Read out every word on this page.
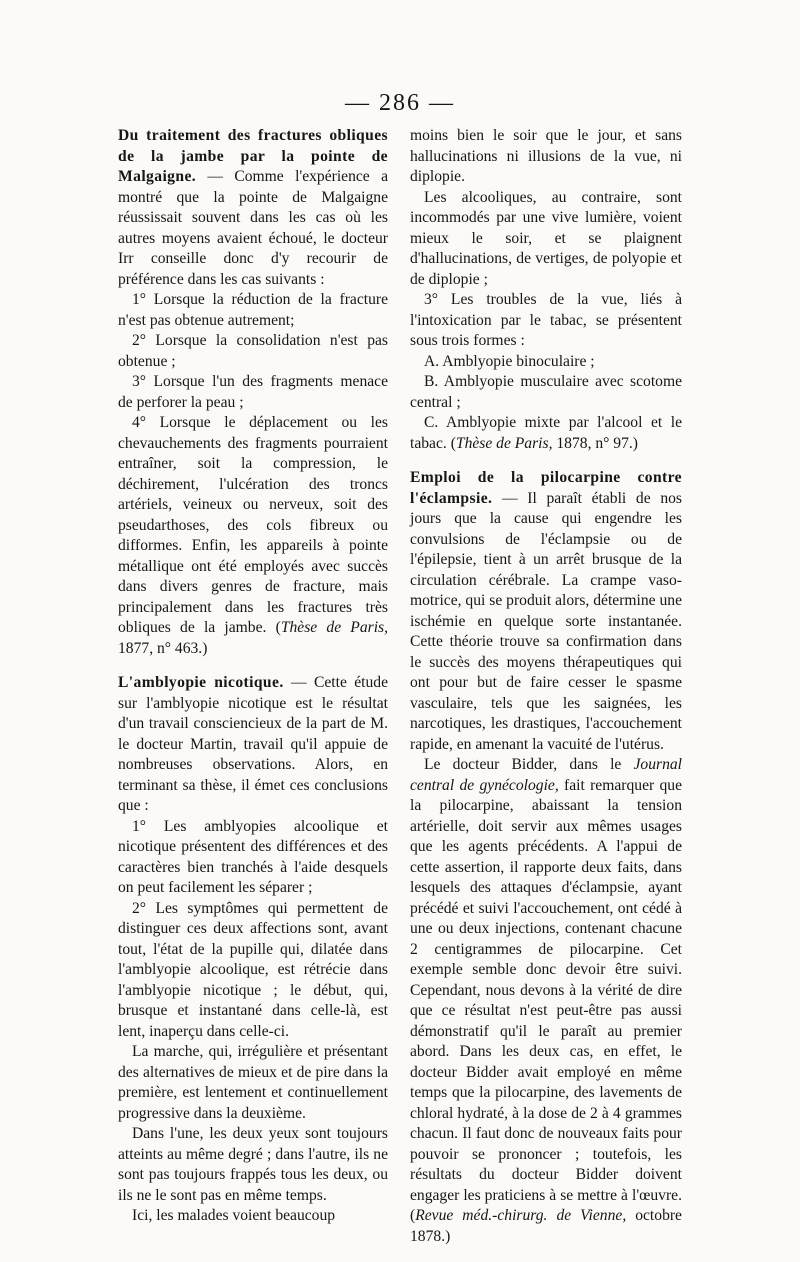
— 286 —

Du traitement des fractures obliques de la jambe par la pointe de Malgaigne. — Comme l'expérience a montré que la pointe de Malgaigne réussissait souvent dans les cas où les autres moyens avaient échoué, le docteur Irr conseille donc d'y recourir de préférence dans les cas suivants :

1° Lorsque la réduction de la fracture n'est pas obtenue autrement;

2° Lorsque la consolidation n'est pas obtenue ;

3° Lorsque l'un des fragments menace de perforer la peau ;

4° Lorsque le déplacement ou les chevauchements des fragments pourraient entraîner, soit la compression, le déchirement, l'ulcération des troncs artériels, veineux ou nerveux, soit des pseudarthoses, des cols fibreux ou difformes. Enfin, les appareils à pointe métallique ont été employés avec succès dans divers genres de fracture, mais principalement dans les fractures très obliques de la jambe. (Thèse de Paris, 1877, n° 463.)

L'amblyopie nicotique. — Cette étude sur l'amblyopie nicotique est le résultat d'un travail consciencieux de la part de M. le docteur Martin, travail qu'il appuie de nombreuses observations. Alors, en terminant sa thèse, il émet ces conclusions que :

1° Les amblyopies alcoolique et nicotique présentent des différences et des caractères bien tranchés à l'aide desquels on peut facilement les séparer ;

2° Les symptômes qui permettent de distinguer ces deux affections sont, avant tout, l'état de la pupille qui, dilatée dans l'amblyopie alcoolique, est rétrécie dans l'amblyopie nicotique ; le début, qui, brusque et instantané dans celle-là, est lent, inaperçu dans celle-ci.

La marche, qui, irrégulière et présentant des alternatives de mieux et de pire dans la première, est lentement et continuellement progressive dans la deuxième.

Dans l'une, les deux yeux sont toujours atteints au même degré ; dans l'autre, ils ne sont pas toujours frappés tous les deux, ou ils ne le sont pas en même temps.

Ici, les malades voient beaucoup

moins bien le soir que le jour, et sans hallucinations ni illusions de la vue, ni diplopie.

Les alcooliques, au contraire, sont incommodés par une vive lumière, voient mieux le soir, et se plaignent d'hallucinations, de vertiges, de polyopie et de diplopie ;

3° Les troubles de la vue, liés à l'intoxication par le tabac, se présentent sous trois formes :

A. Amblyopie binoculaire ;

B. Amblyopie musculaire avec scotome central ;

C. Amblyopie mixte par l'alcool et le tabac. (Thèse de Paris, 1878, n° 97.)

Emploi de la pilocarpine contre l'éclampsie. — Il paraît établi de nos jours que la cause qui engendre les convulsions de l'éclampsie ou de l'épilepsie, tient à un arrêt brusque de la circulation cérébrale. La crampe vaso-motrice, qui se produit alors, détermine une ischémie en quelque sorte instantanée. Cette théorie trouve sa confirmation dans le succès des moyens thérapeutiques qui ont pour but de faire cesser le spasme vasculaire, tels que les saignées, les narcotiques, les drastiques, l'accouchement rapide, en amenant la vacuité de l'utérus.

Le docteur Bidder, dans le Journal central de gynécologie, fait remarquer que la pilocarpine, abaissant la tension artérielle, doit servir aux mêmes usages que les agents précédents. A l'appui de cette assertion, il rapporte deux faits, dans lesquels des attaques d'éclampsie, ayant précédé et suivi l'accouchement, ont cédé à une ou deux injections, contenant chacune 2 centigrammes de pilocarpine. Cet exemple semble donc devoir être suivi. Cependant, nous devons à la vérité de dire que ce résultat n'est peut-être pas aussi démonstratif qu'il le paraît au premier abord. Dans les deux cas, en effet, le docteur Bidder avait employé en même temps que la pilocarpine, des lavements de chloral hydraté, à la dose de 2 à 4 grammes chacun. Il faut donc de nouveaux faits pour pouvoir se prononcer ; toutefois, les résultats du docteur Bidder doivent engager les praticiens à se mettre à l'œuvre. (Revue méd.-chirurg. de Vienne, octobre 1878.)
